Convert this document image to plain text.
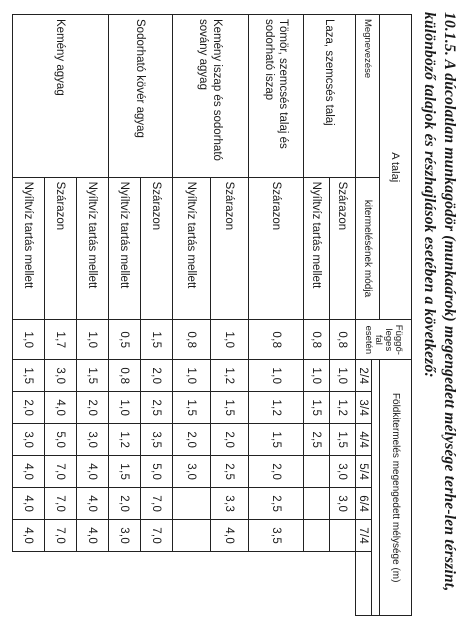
10.1.5. A dúcolatlan munkagödör (munkaárok) megengedett mélysége terhe-len térszint, különböző talajok és részhajlások esetében a következő:
A talaj		Függő-leges fal esetén	Földkitermelés megengedett mélysége (m)						
Megnevezése	kitermelésének módja								
			2/4	3/4	4/4	5/4	6/4	7/4	
Laza, szemcsés talaj	Szárazon	0,8	1,0	1,2	1,5	3,0	3,0		
	Nyíltvíz tartás mellett	0,8	1,0	1,5	2,5				
Tömör, szemcsés talaj és sodorható iszap	Szárazon	0,8	1,0	1,2	1,5	2,0	2,5	3,5	
Kemény iszap és sodorható sovány agyag	Szárazon	1,0	1,2	1,5	2,0	2,5	3,3	4,0	
	Nyíltvíz tartás mellett	0,8	1,0	1,5	2,0	3,0			
Sodorható kövér agyag	Szárazon	1,5	2,0	2,5	3,5	5,0	7,0	7,0	
	Nyíltvíz tartás mellett	0,5	0,8	1,0	1,2	1,5	2,0	3,0	
Kemény agyag	Nyíltvíz tartás mellett	1,0	1,5	2,0	3,0	4,0	4,0	4,0	
	Szárazon	1,7	3,0	4,0	5,0	7,0	7,0	7,0	
	Nyíltvíz tartás mellett	1,0	1,5	2,0	3,0	4,0	4,0	4,0	
